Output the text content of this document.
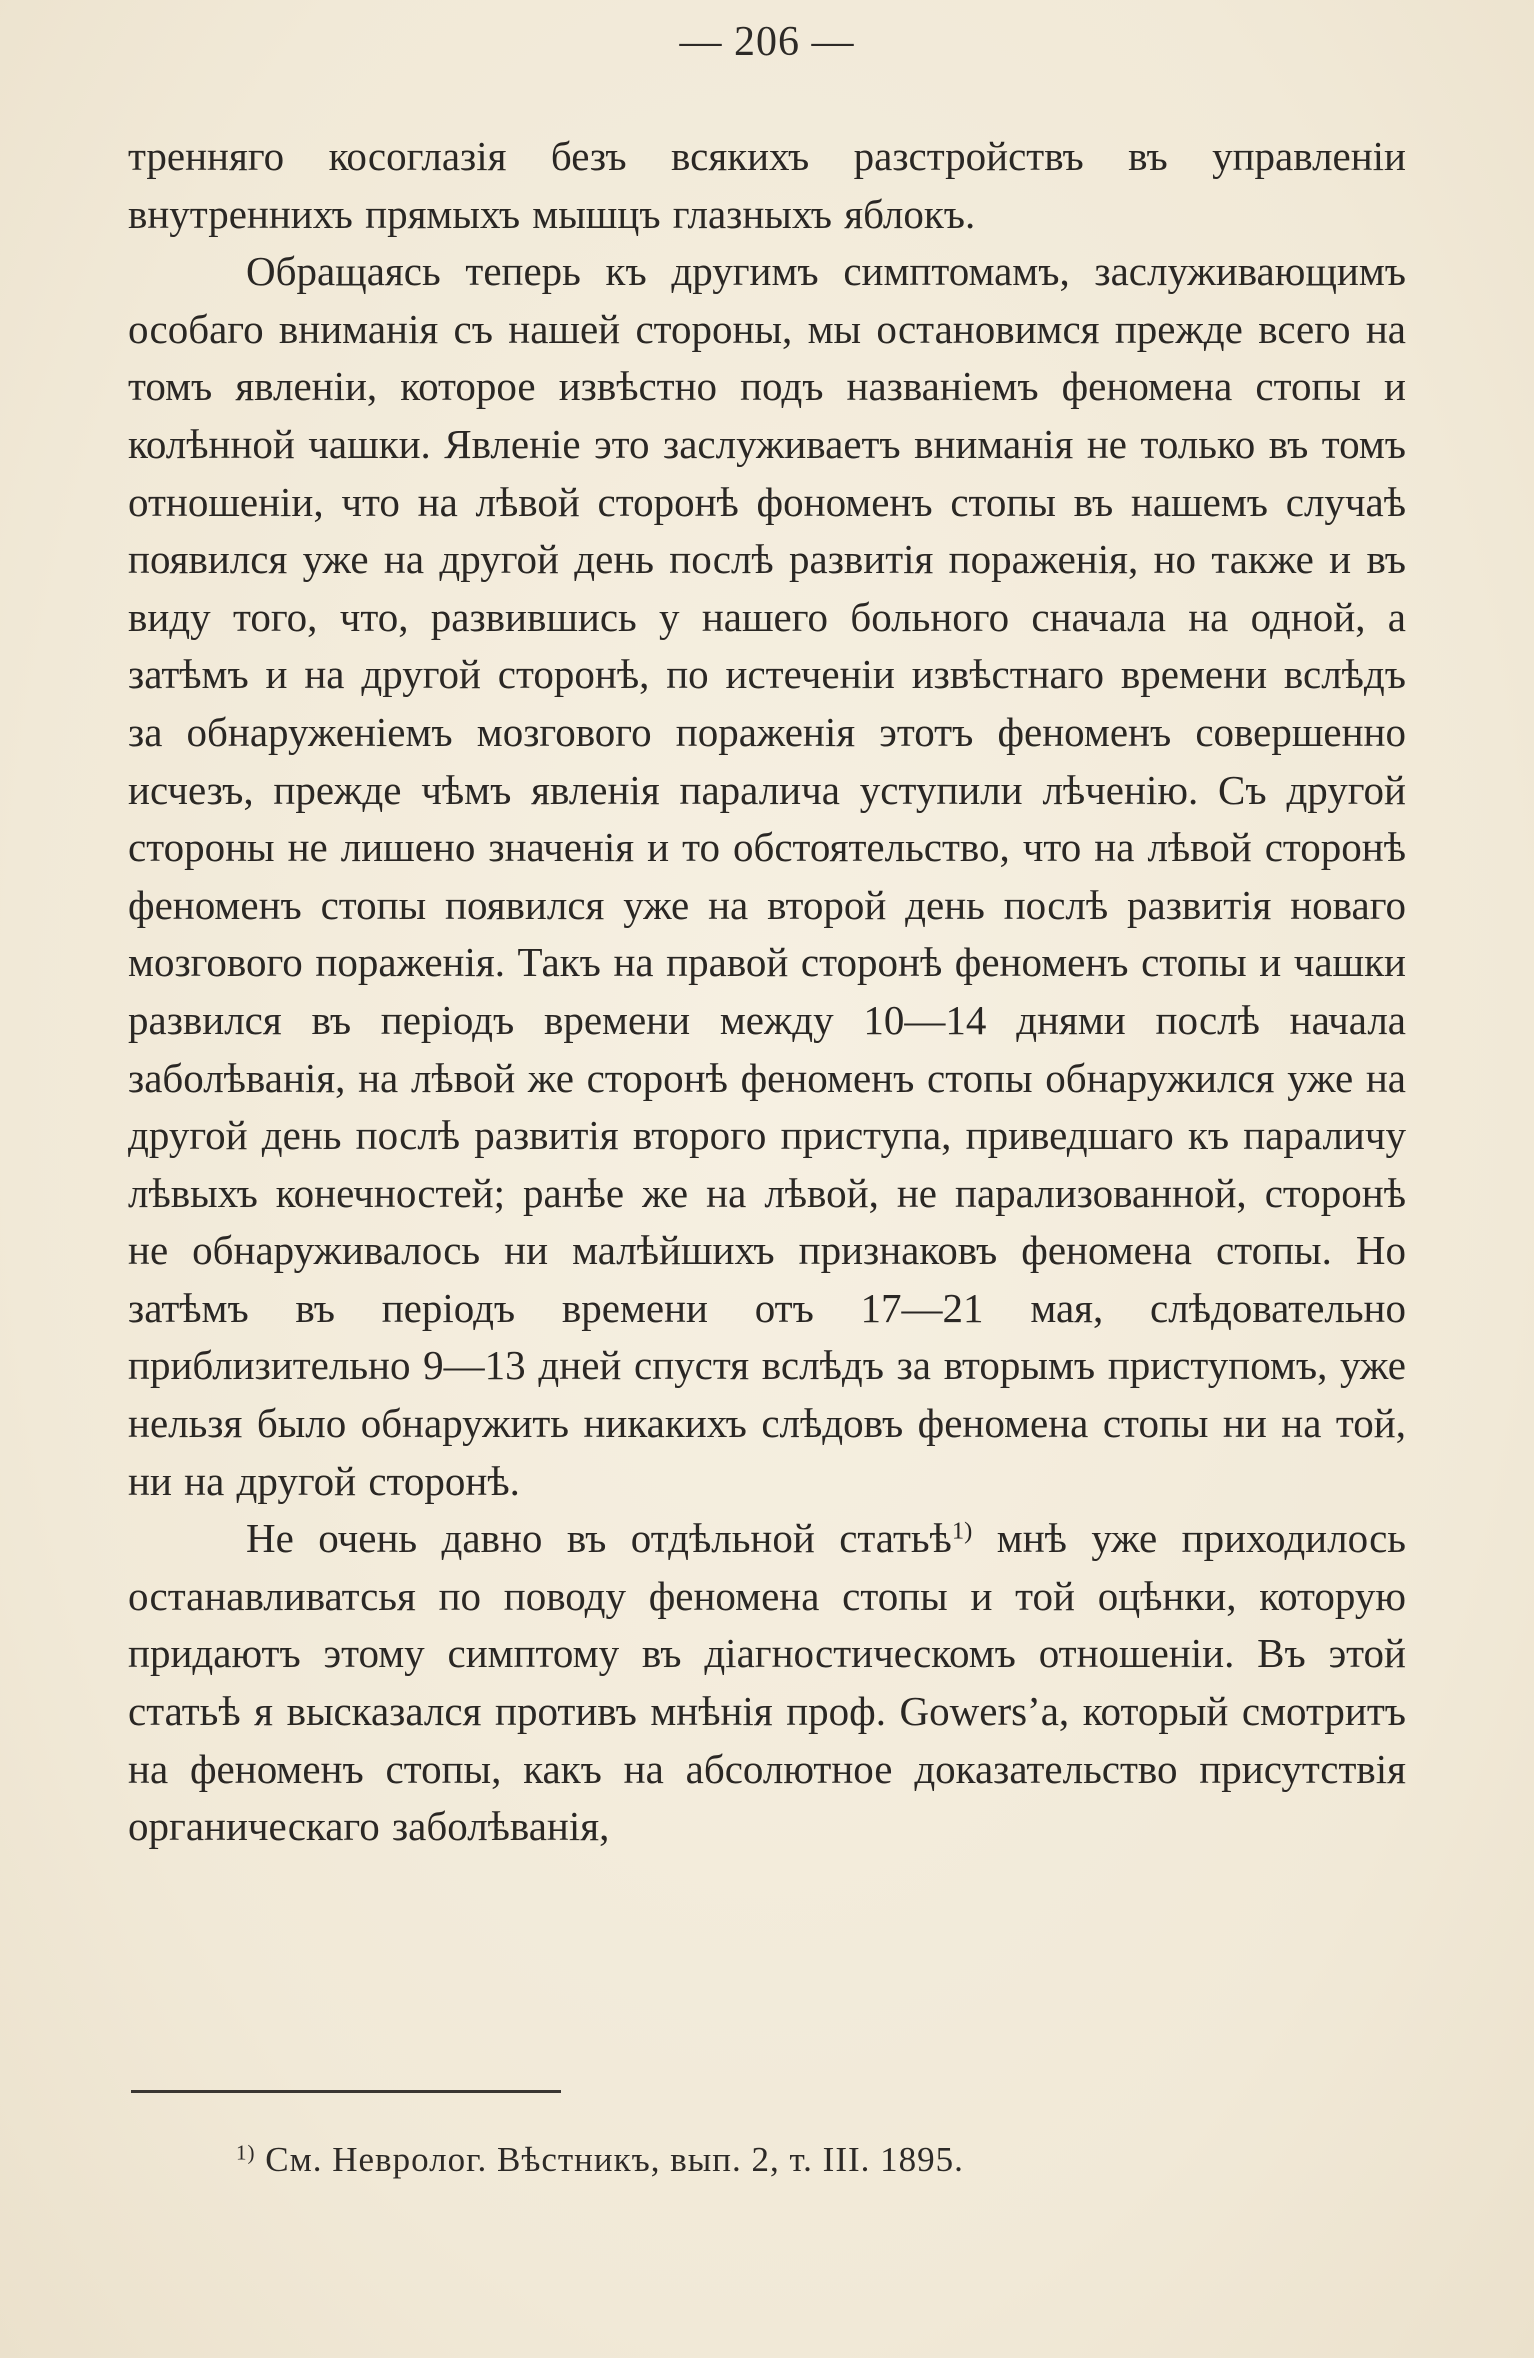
— 206 —

тренняго косоглазія безъ всякихъ разстройствъ въ управленіи внутреннихъ прямыхъ мышцъ глазныхъ яблокъ.

Обращаясь теперь къ другимъ симптомамъ, заслуживающимъ особаго вниманія съ нашей стороны, мы остановимся прежде всего на томъ явленіи, которое извѣстно подъ названіемъ феномена стопы и колѣнной чашки. Явленіе это заслуживаетъ вниманія не только въ томъ отношеніи, что на лѣвой сторонѣ фономенъ стопы въ нашемъ случаѣ появился уже на другой день послѣ развитія пораженія, но также и въ виду того, что, развившись у нашего больного сначала на одной, а затѣмъ и на другой сторонѣ, по истеченіи извѣстнаго времени вслѣдъ за обнаруженіемъ мозгового пораженія этотъ феноменъ совершенно исчезъ, прежде чѣмъ явленія паралича уступили лѣченію. Съ другой стороны не лишено значенія и то обстоятельство, что на лѣвой сторонѣ феноменъ стопы появился уже на второй день послѣ развитія новаго мозгового пораженія. Такъ на правой сторонѣ феноменъ стопы и чашки развился въ періодъ времени между 10—14 днями послѣ начала заболѣванія, на лѣвой же сторонѣ феноменъ стопы обнаружился уже на другой день послѣ развитія второго приступа, приведшаго къ параличу лѣвыхъ конечностей; ранѣе же на лѣвой, не парализованной, сторонѣ не обнаруживалось ни малѣйшихъ признаковъ феномена стопы. Но затѣмъ въ періодъ времени отъ 17—21 мая, слѣдовательно приблизительно 9—13 дней спустя вслѣдъ за вторымъ приступомъ, уже нельзя было обнаружить никакихъ слѣдовъ феномена стопы ни на той, ни на другой сторонѣ.

Не очень давно въ отдѣльной статьѣ$^{1)}$ мнѣ уже приходилось останавливатсья по поводу феномена стопы и той оцѣнки, которую придаютъ этому симптому въ діагностическомъ отношеніи. Въ этой статьѣ я высказался противъ мнѣнія проф. Gowers’а, который смотритъ на феноменъ стопы, какъ на абсолютное доказательство присутствія органическаго заболѣванія,

$^{1)}$ См. Невролог. Вѣстникъ, вып. 2, т. III. 1895.
